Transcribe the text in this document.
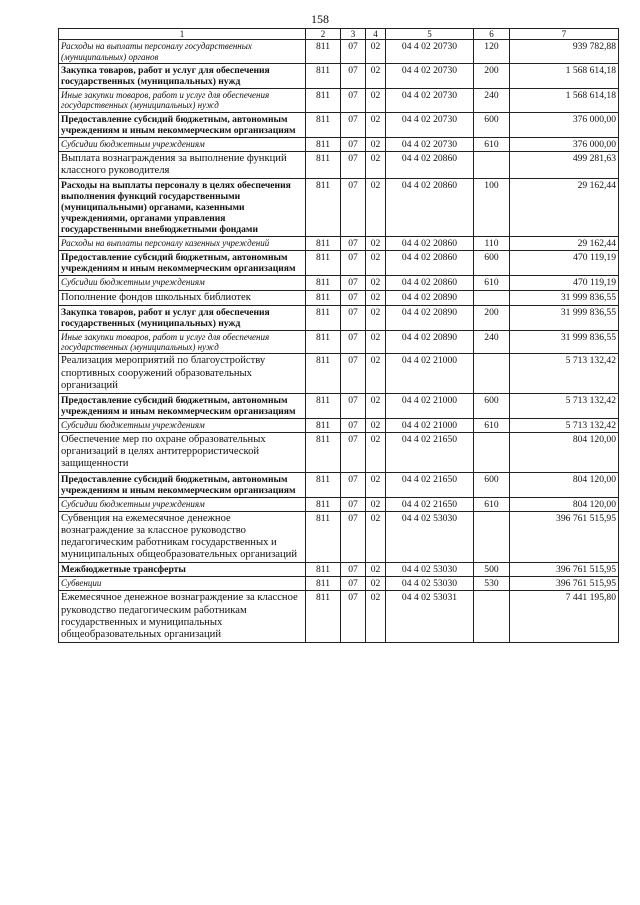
158
1	2	3	4	5	6	7
Расходы на выплаты персоналу государственных (муниципальных) органов	811	07	02	04 4 02 20730	120	939 782,88
Закупка товаров, работ и услуг для обеспечения государственных (муниципальных) нужд	811	07	02	04 4 02 20730	200	1 568 614,18
Иные закупки товаров, работ и услуг для обеспечения государственных (муниципальных) нужд	811	07	02	04 4 02 20730	240	1 568 614,18
Предоставление субсидий бюджетным, автономным учреждениям и иным некоммерческим организациям	811	07	02	04 4 02 20730	600	376 000,00
Субсидии бюджетным учреждениям	811	07	02	04 4 02 20730	610	376 000,00
Выплата вознаграждения за выполнение функций классного руководителя	811	07	02	04 4 02 20860		499 281,63
Расходы на выплаты персоналу в целях обеспечения выполнения функций государственными (муниципальными) органами, казенными учреждениями, органами управления государственными внебюджетными фондами	811	07	02	04 4 02 20860	100	29 162,44
Расходы на выплаты персоналу казенных учреждений	811	07	02	04 4 02 20860	110	29 162,44
Предоставление субсидий бюджетным, автономным учреждениям и иным некоммерческим организациям	811	07	02	04 4 02 20860	600	470 119,19
Субсидии бюджетным учреждениям	811	07	02	04 4 02 20860	610	470 119,19
Пополнение фондов школьных библиотек	811	07	02	04 4 02 20890		31 999 836,55
Закупка товаров, работ и услуг для обеспечения государственных (муниципальных) нужд	811	07	02	04 4 02 20890	200	31 999 836,55
Иные закупки товаров, работ и услуг для обеспечения государственных (муниципальных) нужд	811	07	02	04 4 02 20890	240	31 999 836,55
Реализация мероприятий по благоустройству спортивных сооружений образовательных организаций	811	07	02	04 4 02 21000		5 713 132,42
Предоставление субсидий бюджетным, автономным учреждениям и иным некоммерческим организациям	811	07	02	04 4 02 21000	600	5 713 132,42
Субсидии бюджетным учреждениям	811	07	02	04 4 02 21000	610	5 713 132,42
Обеспечение мер по охране образовательных организаций в целях антитеррористической защищенности	811	07	02	04 4 02 21650		804 120,00
Предоставление субсидий бюджетным, автономным учреждениям и иным некоммерческим организациям	811	07	02	04 4 02 21650	600	804 120,00
Субсидии бюджетным учреждениям	811	07	02	04 4 02 21650	610	804 120,00
Субвенция на ежемесячное денежное вознаграждение за классное руководство педагогическим работникам государственных и муниципальных общеобразовательных организаций	811	07	02	04 4 02 53030		396 761 515,95
Межбюджетные трансферты	811	07	02	04 4 02 53030	500	396 761 515,95
Субвенции	811	07	02	04 4 02 53030	530	396 761 515,95
Ежемесячное денежное вознаграждение за классное руководство педагогическим работникам государственных и муниципальных общеобразовательных организаций	811	07	02	04 4 02 53031		7 441 195,80
